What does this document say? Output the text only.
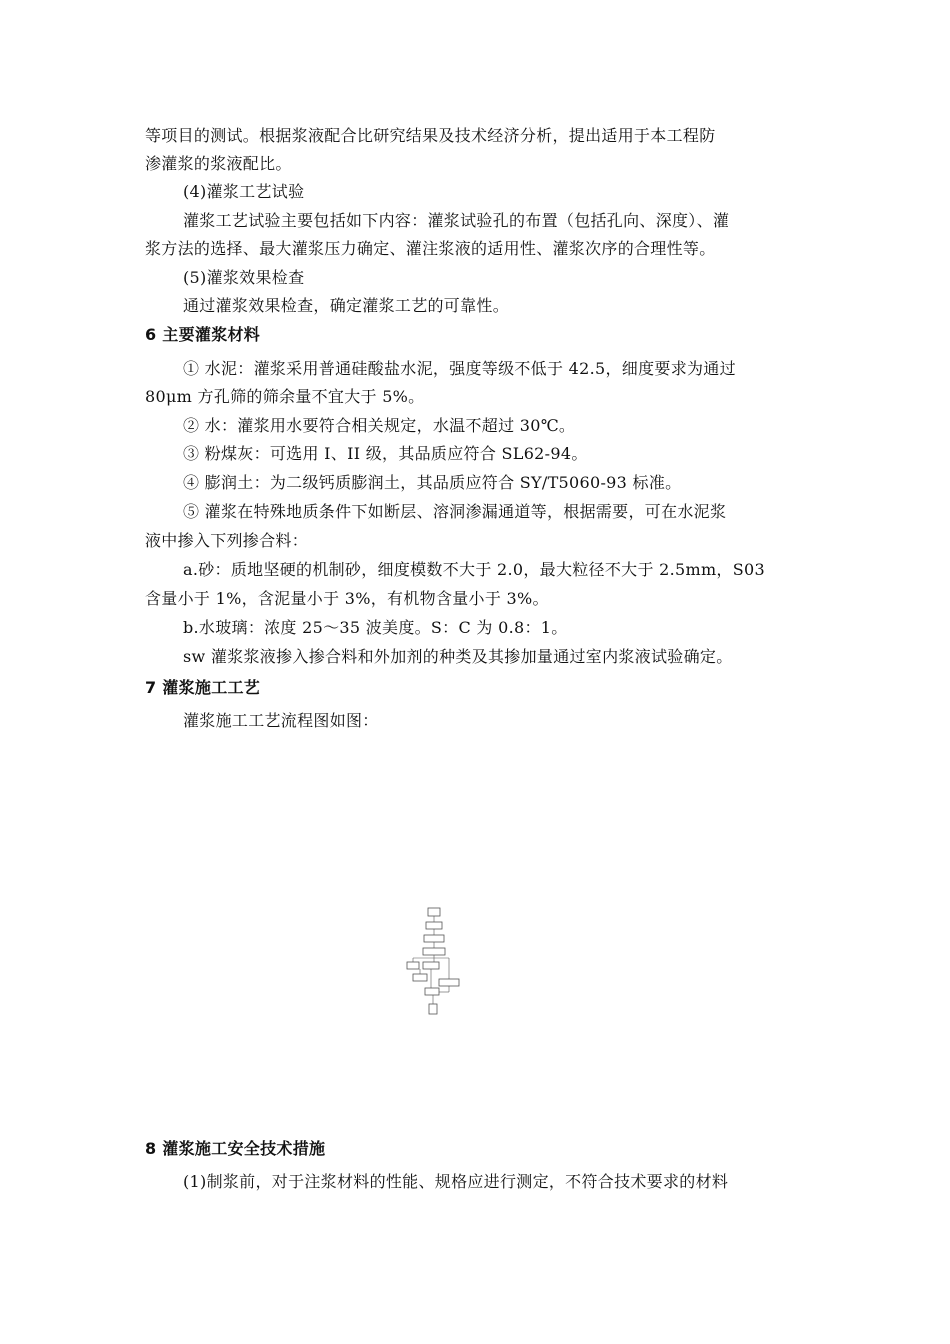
等项目的测试。根据浆液配合比研究结果及技术经济分析，提出适用于本工程防
渗灌浆的浆液配比。
(4)灌浆工艺试验
灌浆工艺试验主要包括如下内容：灌浆试验孔的布置（包括孔向、深度）、灌
浆方法的选择、最大灌浆压力确定、灌注浆液的适用性、灌浆次序的合理性等。
(5)灌浆效果检查
通过灌浆效果检查，确定灌浆工艺的可靠性。
6 主要灌浆材料
① 水泥：灌浆采用普通硅酸盐水泥，强度等级不低于 42.5，细度要求为通过
80μm 方孔筛的筛余量不宜大于 5%。
② 水：灌浆用水要符合相关规定，水温不超过 30℃。
③ 粉煤灰：可选用 I、II 级，其品质应符合 SL62-94。
④ 膨润土：为二级钙质膨润土，其品质应符合 SY/T5060-93 标准。
⑤ 灌浆在特殊地质条件下如断层、溶洞渗漏通道等，根据需要，可在水泥浆
液中掺入下列掺合料：
a.砂：质地坚硬的机制砂，细度模数不大于 2.0，最大粒径不大于 2.5mm，S03
含量小于 1%，含泥量小于 3%，有机物含量小于 3%。
b.水玻璃：浓度 25～35 波美度。S：C 为 0.8：1。
sw 灌浆浆液掺入掺合料和外加剂的种类及其掺加量通过室内浆液试验确定。
7 灌浆施工工艺
灌浆施工工艺流程图如图：
8 灌浆施工安全技术措施
(1)制浆前，对于注浆材料的性能、规格应进行测定，不符合技术要求的材料
